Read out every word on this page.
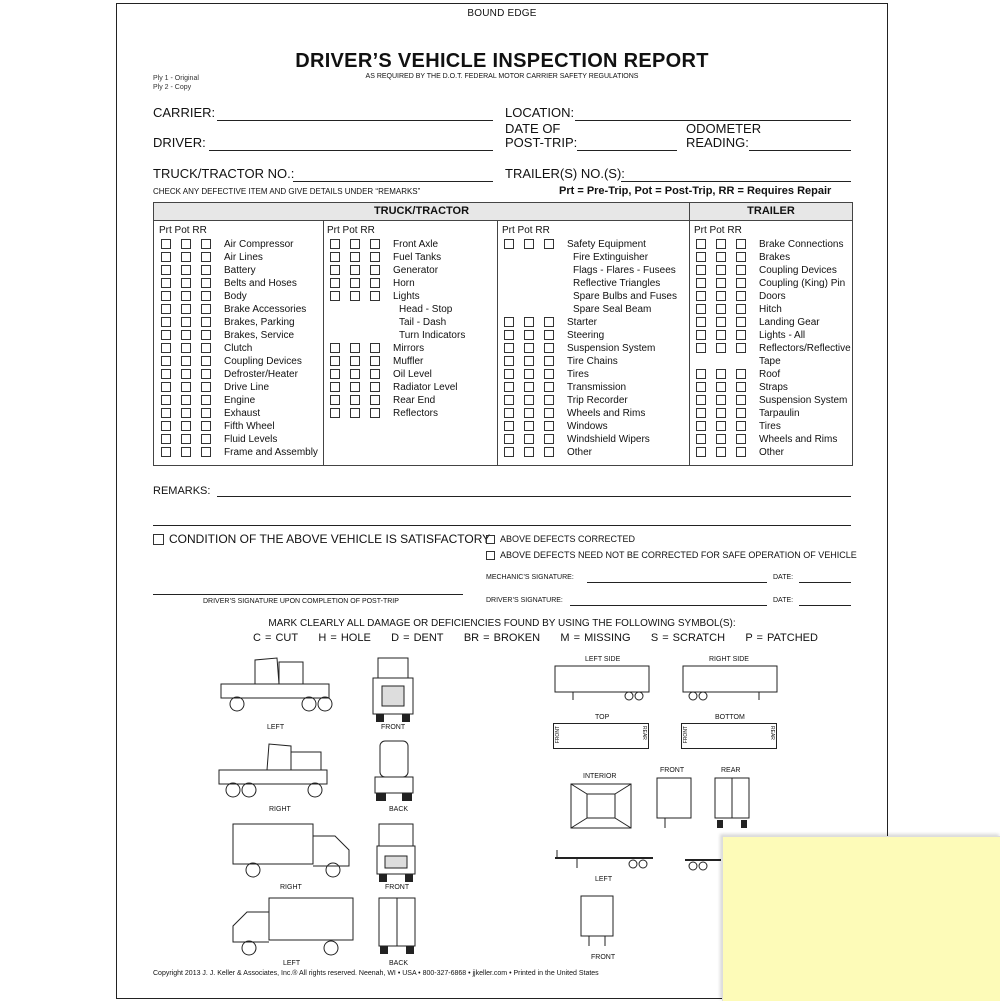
BOUND EDGE
DRIVER’S VEHICLE INSPECTION REPORT
AS REQUIRED BY THE D.O.T. FEDERAL MOTOR CARRIER SAFETY REGULATIONS
Ply 1 - Original
Ply 2 - Copy
CARRIER:	LOCATION:
DRIVER:
DATE OF
POST-TRIP:
ODOMETER
READING:
TRUCK/TRACTOR NO.:	TRAILER(S) NO.(S):
CHECK ANY DEFECTIVE ITEM AND GIVE DETAILS UNDER “REMARKS”	Prt = Pre-Trip, Pot = Post-Trip, RR = Requires Repair
TRUCK/TRACTOR	TRAILER
Prt Pot RR	Prt Pot RR	Prt Pot RR	Prt Pot RR
Air Compressor
Air Lines
Battery
Belts and Hoses
Body
Brake Accessories
Brakes, Parking
Brakes, Service
Clutch
Coupling Devices
Defroster/Heater
Drive Line
Engine
Exhaust
Fifth Wheel
Fluid Levels
Frame and Assembly
Front Axle
Fuel Tanks
Generator
Horn
Lights
Head - Stop
Tail - Dash
Turn Indicators
Mirrors
Muffler
Oil Level
Radiator Level
Rear End
Reflectors
Safety Equipment
Fire Extinguisher
Flags - Flares - Fusees
Reflective Triangles
Spare Bulbs and Fuses
Spare Seal Beam
Starter
Steering
Suspension System
Tire Chains
Tires
Transmission
Trip Recorder
Wheels and Rims
Windows
Windshield Wipers
Other
Brake Connections
Brakes
Coupling Devices
Coupling (King) Pin
Doors
Hitch
Landing Gear
Lights - All
Reflectors/Reflective
Tape
Roof
Straps
Suspension System
Tarpaulin
Tires
Wheels and Rims
Other
REMARKS:
CONDITION OF THE ABOVE VEHICLE IS SATISFACTORY	ABOVE DEFECTS CORRECTED
ABOVE DEFECTS NEED NOT BE CORRECTED FOR SAFE OPERATION OF VEHICLE
MECHANIC’S SIGNATURE:	DATE:
DRIVER’S SIGNATURE UPON COMPLETION OF POST-TRIP	DRIVER’S SIGNATURE:	DATE:
MARK CLEARLY ALL DAMAGE OR DEFICIENCIES FOUND BY USING THE FOLLOWING SYMBOL(S):
C = CUT H = HOLE D = DENT BR = BROKEN M = MISSING S = SCRATCH P = PATCHED
LEFT	FRONT
RIGHT	BACK
RIGHT	FRONT
LEFT	BACK
LEFT SIDE	RIGHT SIDE
TOP
FRONT	REAR
BOTTOM
FRONT	REAR
INTERIOR
FRONT	REAR
LEFT
FRONT
Copyright 2013 J. J. Keller & Associates, Inc.® All rights reserved. Neenah, WI • USA • 800-327-6868 • jjkeller.com • Printed in the United States
